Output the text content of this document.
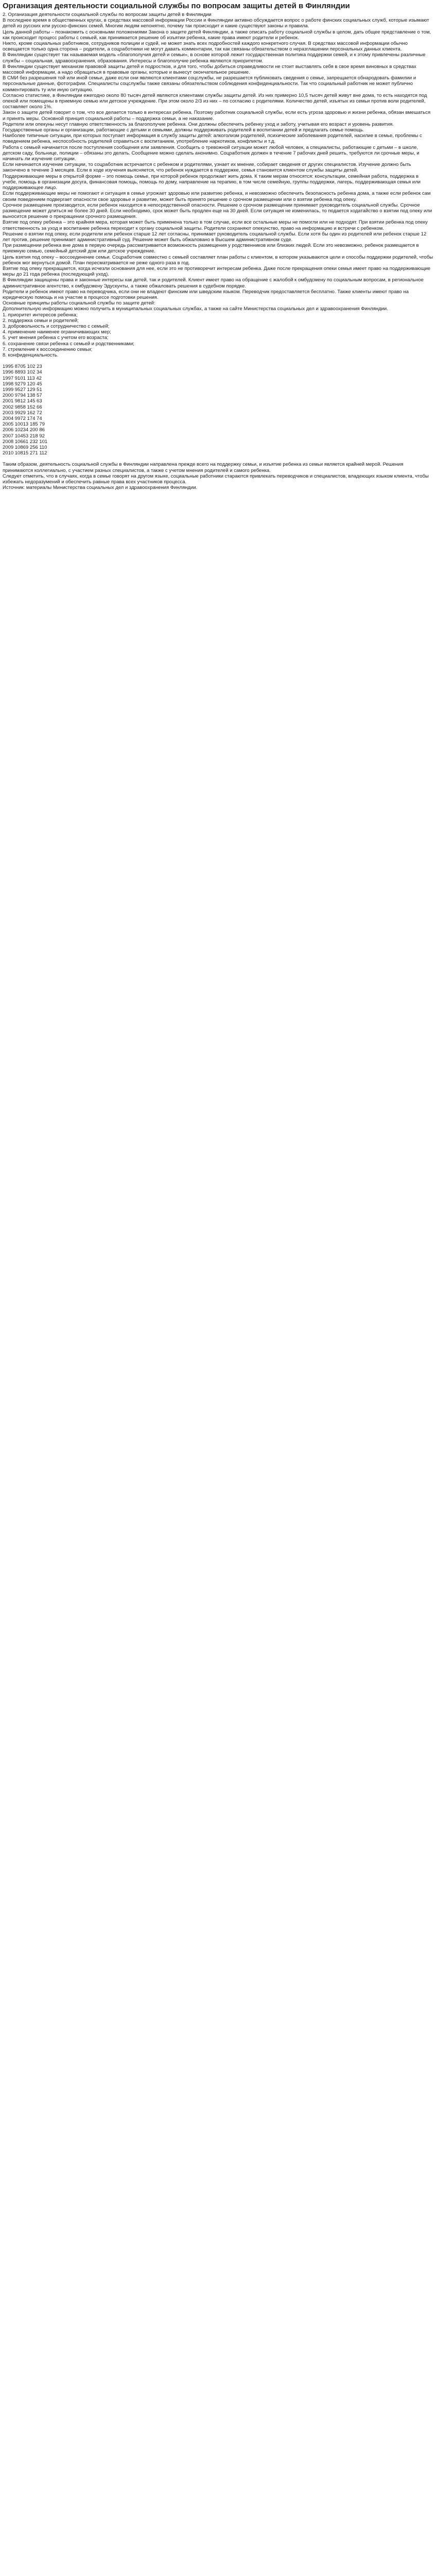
Организация деятельности социальной службы по вопросам защиты детей в Финляндии

2. Организация деятельности социальной службы по вопросам защиты детей в Финляндии

В последнее время в общественных кругах, в средствах массовой информации России и Финляндии активно обсуждается вопрос о работе финских социальных служб, которые изымают детей из русских или русско-финских семей. Многим людям непонятно, почему так происходит и какие существуют законы и правила.

Цель данной работы – познакомить с основными положениями Закона о защите детей Финляндии, а также описать работу социальной службы в целом, дать общее представление о том, как происходит процесс работы с семьей, как принимается решение об изъятии ребенка, какие права имеют родители и ребенок.

Никто, кроме социальных работников, сотрудников полиции и судей, не может знать всех подробностей каждого конкретного случая. В средствах массовой информации обычно освещается только одна сторона – родители, а соцработники не могут давать комментарии, так как связаны обязательством о неразглашении персональных данных клиента.

В Финляндии существует так называемая модель «благополучия детей и семьи», в основе которой лежит государственная политика поддержки семей, и к этому привлечены различные службы – социальная, здравоохранения, образования. Интересы и благополучие ребенка являются приоритетом.

В Финляндии существует механизм правовой защиты детей и подростков, и для того, чтобы добиться справедливости не стоит выставлять себя в свое время виновных в средствах массовой информации, а надо обращаться в правовые органы, которые и вынесут окончательное решение.

В СМИ без разрешения той или иной семьи, даже если они являются клиентами соцслужбы, не разрешается публиковать сведения о семье, запрещается обнародовать фамилии и персональные данные, фотографии. Специалисты соцслужбы также связаны обязательством соблюдения конфиденциальности. Так что социальный работник не может публично комментировать ту или иную ситуацию.

Согласно статистике, в Финляндии ежегодно около 80 тысяч детей являются клиентами службы защиты детей. Из них примерно 10,5 тысяч детей живут вне дома, то есть находятся под опекой или помещены в приемную семью или детское учреждение. При этом около 2/3 из них – по согласию с родителями. Количество детей, изъятых из семьи против воли родителей, составляет около 1%.

Закон о защите детей говорит о том, что все делается только в интересах ребенка. Поэтому работник социальной службы, если есть угроза здоровью и жизни ребенка, обязан вмешаться и принять меры. Основной принцип социальной работы – поддержка семьи, а не наказание.

Родители или опекуны несут главную ответственность за благополучие ребенка. Они должны обеспечить ребенку уход и заботу, учитывая его возраст и уровень развития. Государственные органы и организации, работающие с детьми и семьями, должны поддерживать родителей в воспитании детей и предлагать семье помощь.

Наиболее типичные ситуации, при которых поступает информация в службу защиты детей: алкоголизм родителей, психические заболевания родителей, насилие в семье, проблемы с поведением ребенка, неспособность родителей справиться с воспитанием, употребление наркотиков, конфликты и т.д.

Работа с семьей начинается после поступления сообщения или заявления. Сообщить о тревожной ситуации может любой человек, а специалисты, работающие с детьми – в школе, детском саду, больнице, полиции – обязаны это делать. Сообщение можно сделать анонимно. Соцработник должен в течение 7 рабочих дней решить, требуются ли срочные меры, и начинать ли изучение ситуации.

Если начинается изучение ситуации, то соцработник встречается с ребенком и родителями, узнает их мнение, собирает сведения от других специалистов. Изучение должно быть закончено в течение 3 месяцев. Если в ходе изучения выясняется, что ребенок нуждается в поддержке, семья становится клиентом службы защиты детей.

Поддерживающие меры в открытой форме – это помощь семье, при которой ребенок продолжает жить дома. К таким мерам относятся: консультации, семейная работа, поддержка в учебе, помощь в организации досуга, финансовая помощь, помощь по дому, направление на терапию, в том числе семейную, группы поддержки, лагерь, поддерживающая семья или поддерживающее лицо.

Если поддерживающие меры не помогают и ситуация в семье угрожает здоровью или развитию ребенка, и невозможно обеспечить безопасность ребенка дома, а также если ребенок сам своим поведением подвергает опасности свое здоровье и развитие, может быть принято решение о срочном размещении или о взятии ребенка под опеку.

Срочное размещение производится, если ребенок находится в непосредственной опасности. Решение о срочном размещении принимает руководитель социальной службы. Срочное размещение может длиться не более 30 дней. Если необходимо, срок может быть продлен еще на 30 дней. Если ситуация не изменилась, то подается ходатайство о взятии под опеку или выносится решение о прекращении срочного размещения.

Взятие под опеку ребенка – это крайняя мера, которая может быть применена только в том случае, если все остальные меры не помогли или не подходят. При взятии ребенка под опеку ответственность за уход и воспитание ребенка переходит к органу социальной защиты. Родители сохраняют опекунство, право на информацию и встречи с ребенком.

Решение о взятии под опеку, если родители или ребенок старше 12 лет согласны, принимает руководитель социальной службы. Если хотя бы один из родителей или ребенок старше 12 лет против, решение принимает административный суд. Решение может быть обжаловано в Высшем административном суде.

При размещении ребенка вне дома в первую очередь рассматривается возможность размещения у родственников или близких людей. Если это невозможно, ребенок размещается в приемную семью, семейный детский дом или детское учреждение.

Цель взятия под опеку – воссоединение семьи. Соцработник совместно с семьей составляет план работы с клиентом, в котором указываются цели и способы поддержки родителей, чтобы ребенок мог вернуться домой. План пересматривается не реже одного раза в год.

Взятие под опеку прекращается, когда исчезли основания для нее, если это не противоречит интересам ребенка. Даже после прекращения опеки семья имеет право на поддерживающие меры до 21 года ребенка (последующий уход).

В Финляндии защищены права и законные интересы как детей, так и родителей. Клиент имеет право на обращение с жалобой к омбудсмену по социальным вопросам, в региональное административное агентство, к омбудсмену Эдускунты, а также обжаловать решения в судебном порядке.

Родители и ребенок имеют право на переводчика, если они не владеют финским или шведским языком. Переводчик предоставляется бесплатно. Также клиенты имеют право на юридическую помощь и на участие в процессе подготовки решения.

Основные принципы работы социальной службы по защите детей:

Дополнительную информацию можно получить в муниципальных социальных службах, а также на сайте Министерства социальных дел и здравоохранения Финляндии.

1. приоритет интересов ребенка;
2. поддержка семьи и родителей;
3. добровольность и сотрудничество с семьей;
4. применение наименее ограничивающих мер;
5. учет мнения ребенка с учетом его возраста;
6. сохранение связи ребенка с семьей и родственниками;
7. стремление к воссоединению семьи;
8. конфиденциальность.
1995 8705 102 23
1996 8893 102 34
1997 9101 113 42
1998 9279 120 45
1999 9527 129 51
2000 9794 138 57
2001 9812 145 63
2002 9858 152 66
2003 9929 162 72
2004 9972 174 74
2005 10013 185 79
2006 10234 200 86
2007 10453 218 92
2008 10661 232 101
2009 10869 256 110
2010 10815 271 112

Таким образом, деятельность социальной службы в Финляндии направлена прежде всего на поддержку семьи, и изъятие ребенка из семьи является крайней мерой. Решения принимаются коллегиально, с участием разных специалистов, а также с учетом мнения родителей и самого ребенка.

Следует отметить, что в случаях, когда в семье говорят на другом языке, социальные работники стараются привлекать переводчиков и специалистов, владеющих языком клиента, чтобы избежать недоразумений и обеспечить равные права всех участников процесса.

Источник: материалы Министерства социальных дел и здравоохранения Финляндии.
